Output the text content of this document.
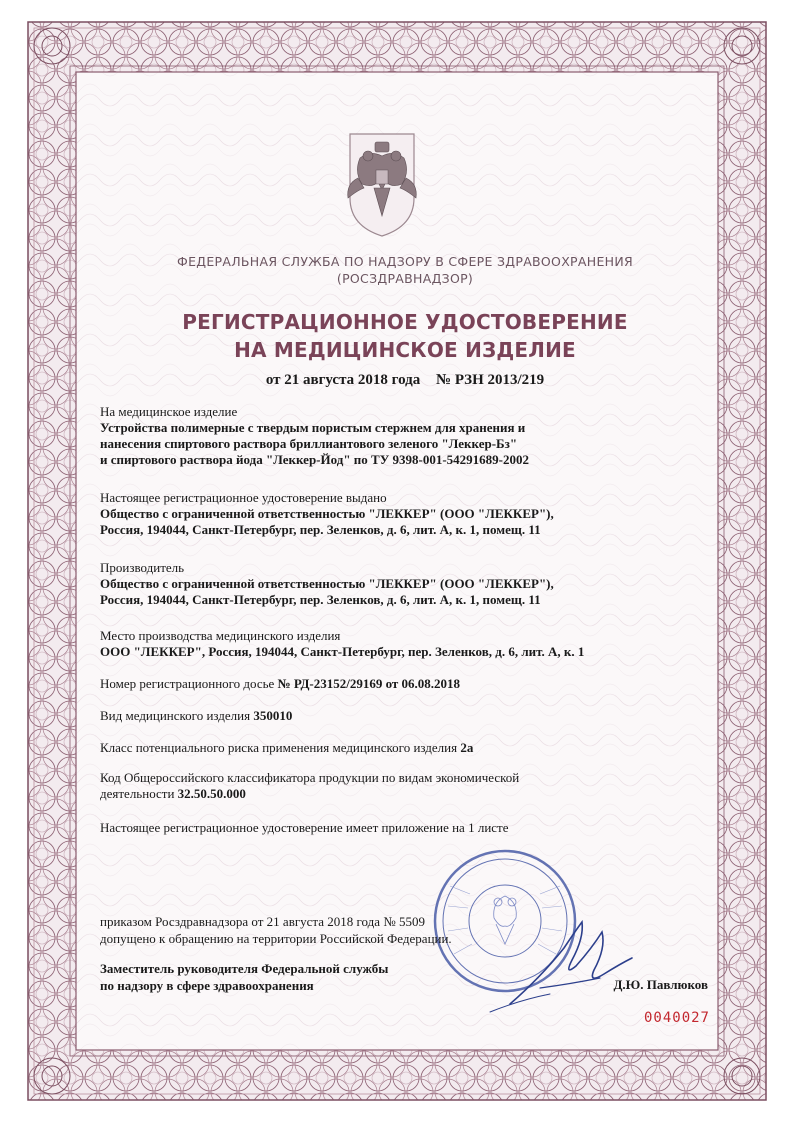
ФЕДЕРАЛЬНАЯ СЛУЖБА ПО НАДЗОРУ В СФЕРЕ ЗДРАВООХРАНЕНИЯ
(РОСЗДРАВНАДЗОР)
РЕГИСТРАЦИОННОЕ УДОСТОВЕРЕНИЕ
НА МЕДИЦИНСКОЕ ИЗДЕЛИЕ
от 21 августа 2018 года № РЗН 2013/219
На медицинское изделие
Устройства полимерные с твердым пористым стержнем для хранения и
нанесения спиртового раствора бриллиантового зеленого "Леккер-Бз"
и спиртового раствора йода "Леккер-Йод" по ТУ 9398-001-54291689-2002
Настоящее регистрационное удостоверение выдано
Общество с ограниченной ответственностью "ЛЕККЕР" (ООО "ЛЕККЕР"),
Россия, 194044, Санкт-Петербург, пер. Зеленков, д. 6, лит. А, к. 1, помещ. 11
Производитель
Общество с ограниченной ответственностью "ЛЕККЕР" (ООО "ЛЕККЕР"),
Россия, 194044, Санкт-Петербург, пер. Зеленков, д. 6, лит. А, к. 1, помещ. 11
Место производства медицинского изделия
ООО "ЛЕККЕР", Россия, 194044, Санкт-Петербург, пер. Зеленков, д. 6, лит. А, к. 1
Номер регистрационного досье № РД-23152/29169 от 06.08.2018
Вид медицинского изделия 350010
Класс потенциального риска применения медицинского изделия 2а
Код Общероссийского классификатора продукции по видам экономической
деятельности 32.50.50.000
Настоящее регистрационное удостоверение имеет приложение на 1 листе
приказом Росздравнадзора от 21 августа 2018 года № 5509
допущено к обращению на территории Российской Федерации.
Заместитель руководителя Федеральной службы
по надзору в сфере здравоохранения	Д.Ю. Павлюков
0040027
